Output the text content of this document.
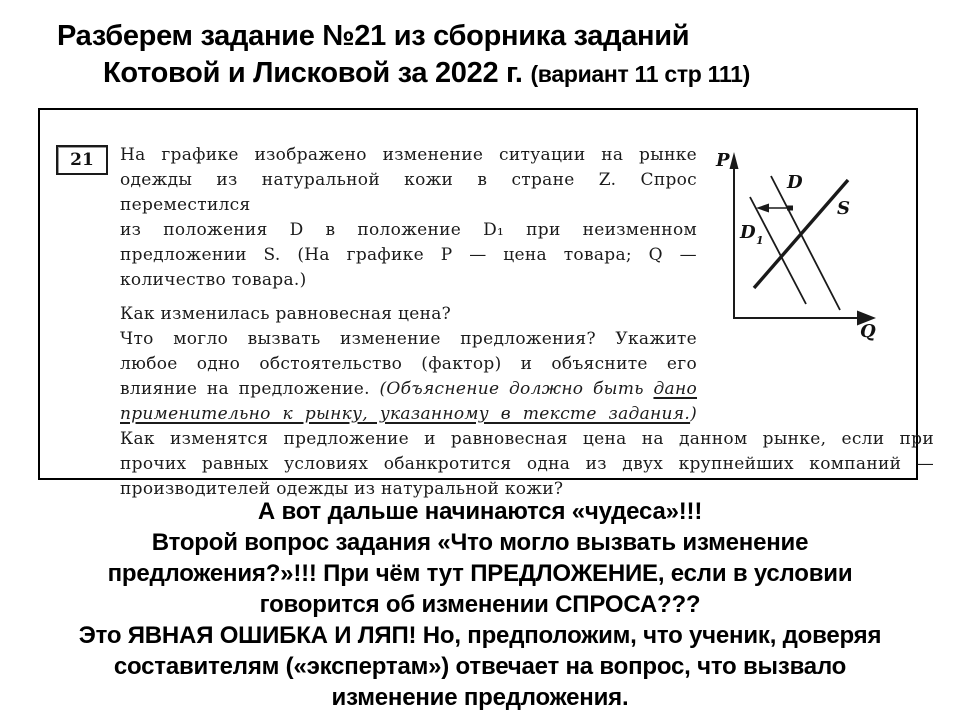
Разберем задание №21 из сборника заданий
Котовой и Лисковой за 2022 г. (вариант 11 стр 111)
21	P
Q
D
D 1
S
На графике изображено изменение ситуации на рынке
одежды из натуральной кожи в стране Z. Спрос переместился
из положения D в положение D₁ при неизменном
предложении S. (На графике P — цена товара; Q —
количество товара.)
Как изменилась равновесная цена?
Что могло вызвать изменение предложения? Укажите
любое одно обстоятельство (фактор) и объясните его
влияние на предложение. (Объяснение должно быть дано
применительно к рынку, указанному в тексте задания.)
Как изменятся предложение и равновесная цена на данном рынке, если при
прочих равных условиях обанкротится одна из двух крупнейших компаний —
производителей одежды из натуральной кожи?
А вот дальше начинаются «чудеса»!!!
Второй вопрос задания «Что могло вызвать изменение
предложения?»!!! При чём тут ПРЕДЛОЖЕНИЕ, если в условии
говорится об изменении СПРОСА???
Это ЯВНАЯ ОШИБКА И ЛЯП! Но, предположим, что ученик, доверяя
составителям («экспертам») отвечает на вопрос, что вызвало
изменение предложения.
